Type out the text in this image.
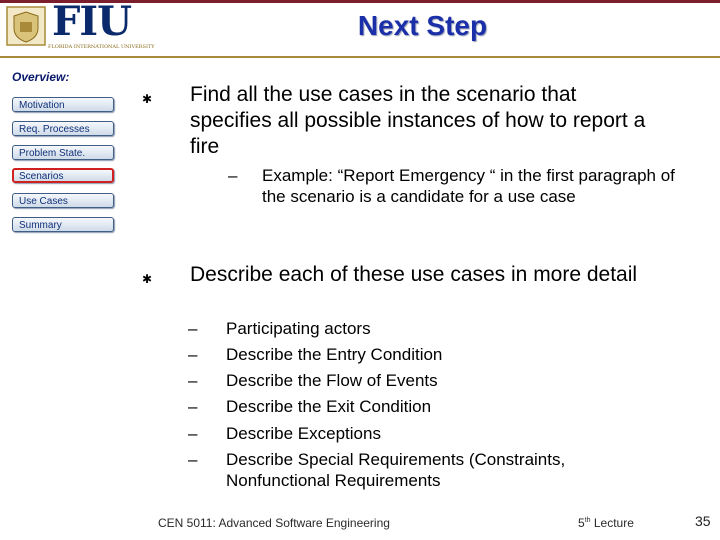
FIU
FLORIDA INTERNATIONAL UNIVERSITY
Next Step
Overview:
Motivation
Req. Processes
Problem State.
Scenarios
Use Cases
Summary
✱ Find all the use cases in the scenario that specifies all possible instances of how to report a fire
– Example: “Report Emergency “ in the first paragraph of the scenario is a candidate for a use case
✱ Describe each of these use cases in more detail
– Participating actors
– Describe the Entry Condition
– Describe the Flow of Events
– Describe the Exit Condition
– Describe Exceptions
– Describe Special Requirements (Constraints, Nonfunctional Requirements
CEN 5011: Advanced Software Engineering	5th Lecture	35
